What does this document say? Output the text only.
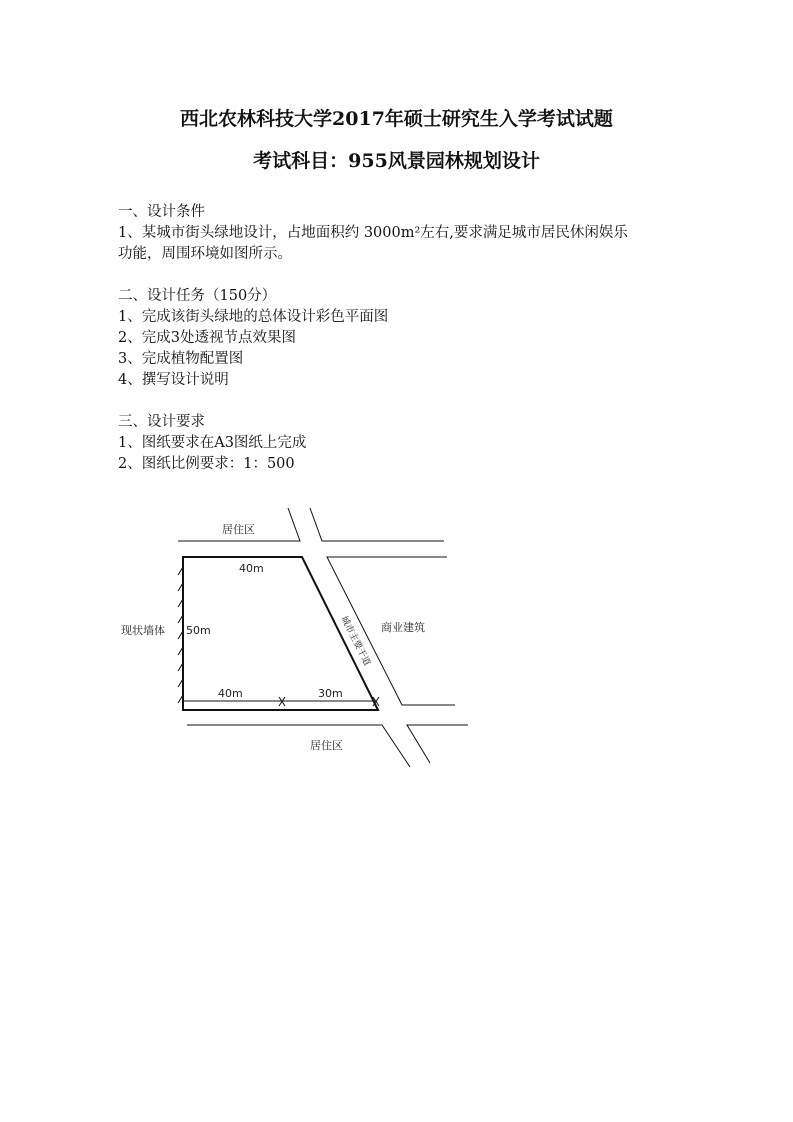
西北农林科技大学2017年硕士研究生入学考试试题
考试科目：955风景园林规划设计
一、设计条件
1、某城市街头绿地设计，占地面积约 3000m²左右,要求满足城市居民休闲娱乐
功能，周围环境如图所示。
二、设计任务（150分）
1、完成该街头绿地的总体设计彩色平面图
2、完成3处透视节点效果图
3、完成植物配置图
4、撰写设计说明
三、设计要求
1、图纸要求在A3图纸上完成
2、图纸比例要求：1：500
居住区
40m
现状墙体 50m	商业建筑
城市主要干道
40m	30m
居住区
